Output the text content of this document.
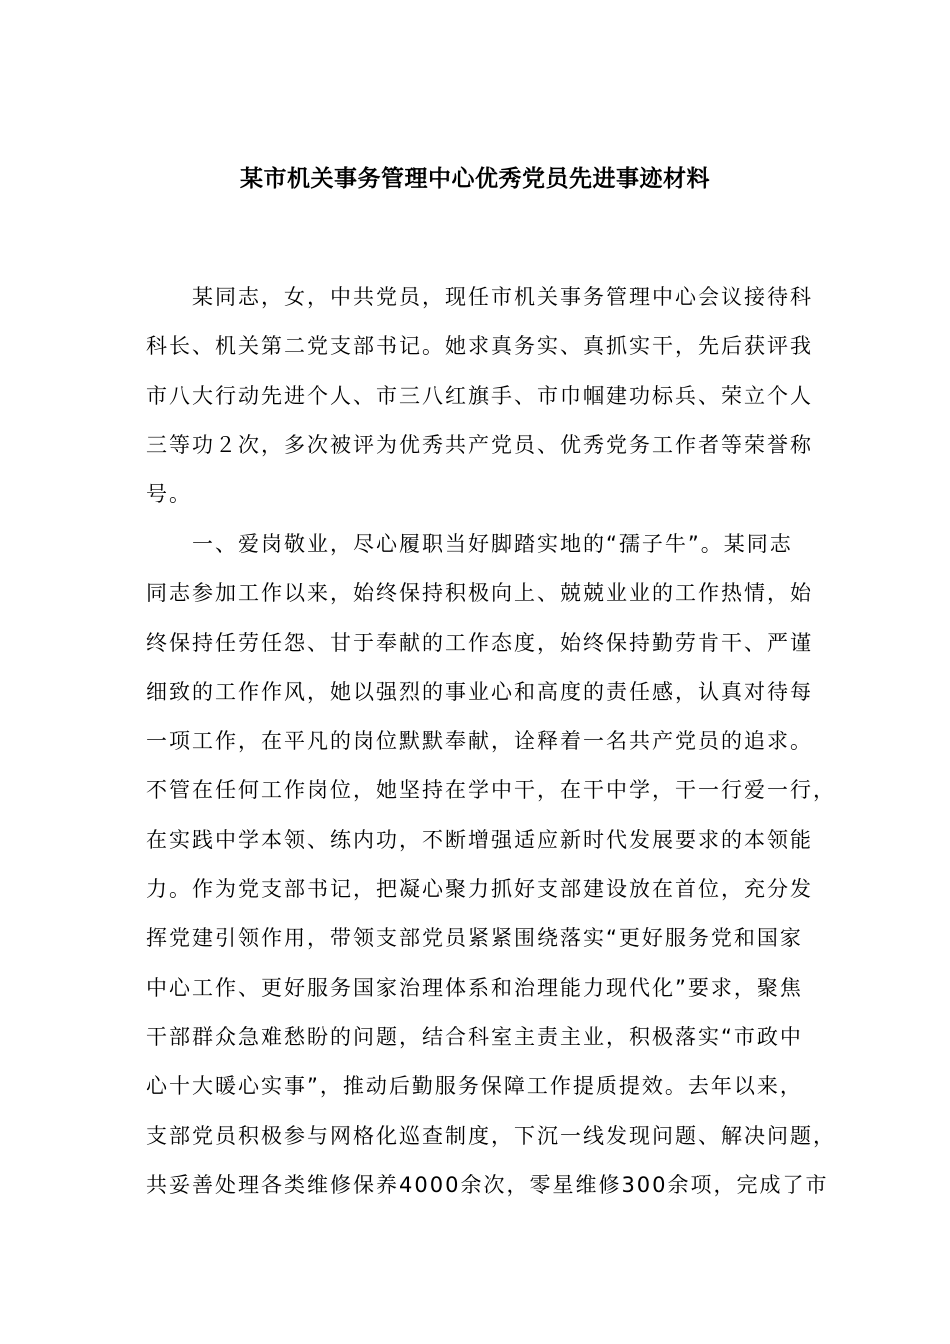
某市机关事务管理中心优秀党员先进事迹材料

　　某同志，女，中共党员，现任市机关事务管理中心会议接待科
科长、机关第二党支部书记。她求真务实、真抓实干，先后获评我
市八大行动先进个人、市三八红旗手、市巾帼建功标兵、荣立个人
三等功２次，多次被评为优秀共产党员、优秀党务工作者等荣誉称
号。

　　一、爱岗敬业，尽心履职当好脚踏实地的“孺子牛”。某同志
同志参加工作以来，始终保持积极向上、兢兢业业的工作热情，始
终保持任劳任怨、甘于奉献的工作态度，始终保持勤劳肯干、严谨
细致的工作作风，她以强烈的事业心和高度的责任感，认真对待每
一项工作，在平凡的岗位默默奉献，诠释着一名共产党员的追求。
不管在任何工作岗位，她坚持在学中干，在干中学，干一行爱一行，
在实践中学本领、练内功，不断增强适应新时代发展要求的本领能
力。作为党支部书记，把凝心聚力抓好支部建设放在首位，充分发
挥党建引领作用，带领支部党员紧紧围绕落实“更好服务党和国家
中心工作、更好服务国家治理体系和治理能力现代化”要求，聚焦
干部群众急难愁盼的问题，结合科室主责主业，积极落实“市政中
心十大暖心实事”，推动后勤服务保障工作提质提效。去年以来，
支部党员积极参与网格化巡查制度，下沉一线发现问题、解决问题，
共妥善处理各类维修保养4000余次，零星维修300余项，完成了市
